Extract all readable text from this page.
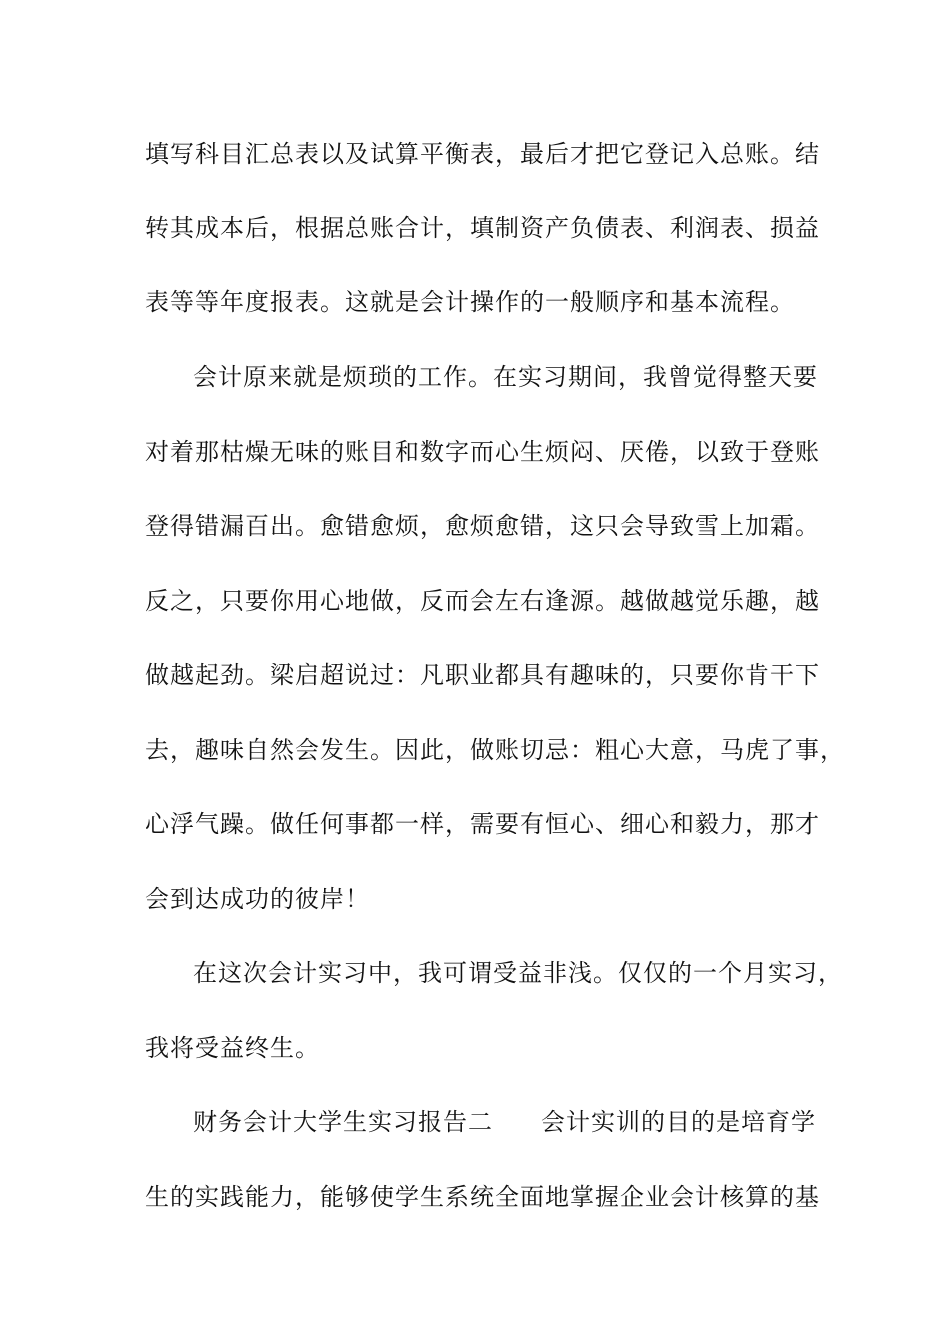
填写科目汇总表以及试算平衡表，最后才把它登记入总账。结
转其成本后，根据总账合计，填制资产负债表、利润表、损益
表等等年度报表。这就是会计操作的一般顺序和基本流程。
会计原来就是烦琐的工作。在实习期间，我曾觉得整天要
对着那枯燥无味的账目和数字而心生烦闷、厌倦，以致于登账
登得错漏百出。愈错愈烦，愈烦愈错，这只会导致雪上加霜。
反之，只要你用心地做，反而会左右逢源。越做越觉乐趣，越
做越起劲。梁启超说过：凡职业都具有趣味的，只要你肯干下
去，趣味自然会发生。因此，做账切忌：粗心大意，马虎了事，
心浮气躁。做任何事都一样，需要有恒心、细心和毅力，那才
会到达成功的彼岸！
在这次会计实习中，我可谓受益非浅。仅仅的一个月实习，
我将受益终生。
财务会计大学生实习报告二 会计实训的目的是培育学
生的实践能力，能够使学生系统全面地掌握企业会计核算的基
